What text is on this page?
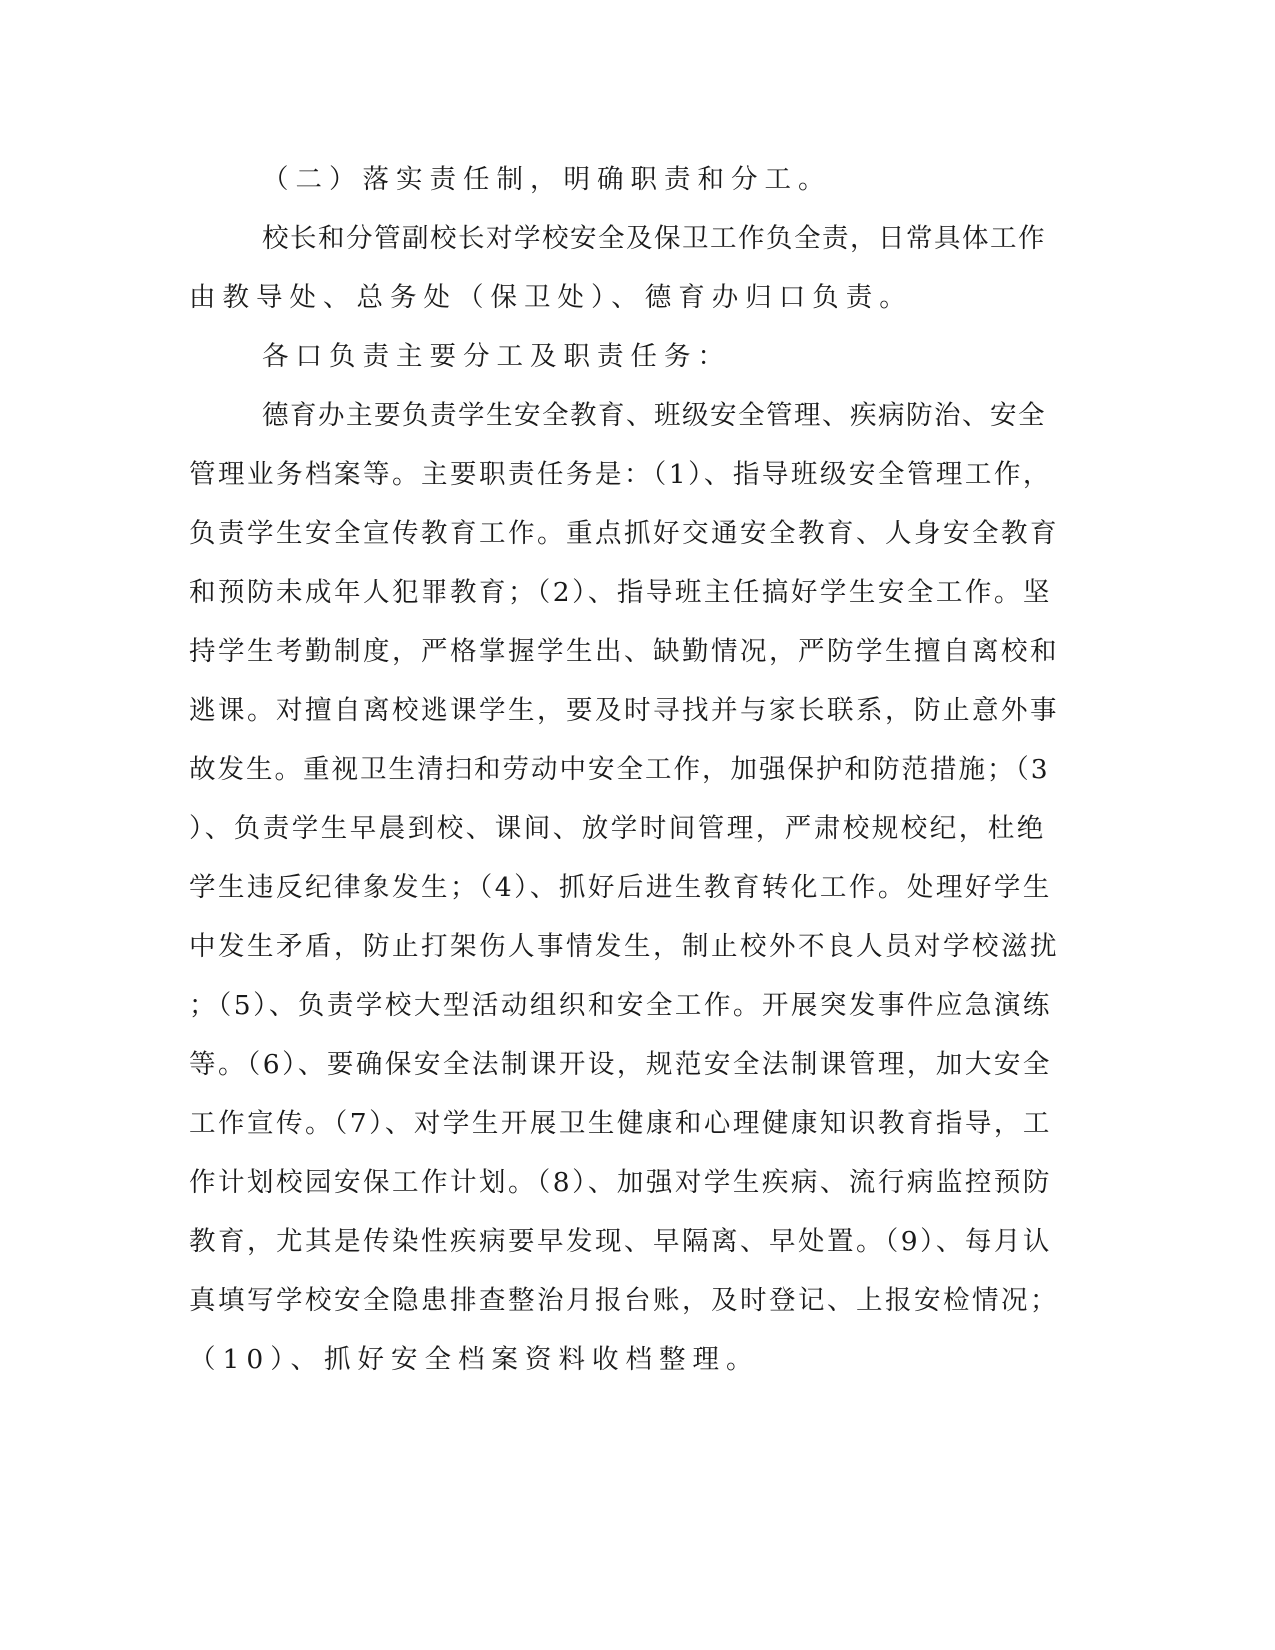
（二）落实责任制，明确职责和分工。
校长和分管副校长对学校安全及保卫工作负全责，日常具体工作
由教导处、总务处（保卫处）、德育办归口负责。
各口负责主要分工及职责任务：
德育办主要负责学生安全教育、班级安全管理、疾病防治、安全
管理业务档案等。主要职责任务是：（1）、指导班级安全管理工作，
负责学生安全宣传教育工作。重点抓好交通安全教育、人身安全教育
和预防未成年人犯罪教育；（2）、指导班主任搞好学生安全工作。坚
持学生考勤制度，严格掌握学生出、缺勤情况，严防学生擅自离校和
逃课。对擅自离校逃课学生，要及时寻找并与家长联系，防止意外事
故发生。重视卫生清扫和劳动中安全工作，加强保护和防范措施；（3
）、负责学生早晨到校、课间、放学时间管理，严肃校规校纪，杜绝
学生违反纪律象发生；（4）、抓好后进生教育转化工作。处理好学生
中发生矛盾，防止打架伤人事情发生，制止校外不良人员对学校滋扰
；（5）、负责学校大型活动组织和安全工作。开展突发事件应急演练
等。（6）、要确保安全法制课开设，规范安全法制课管理，加大安全
工作宣传。（7）、对学生开展卫生健康和心理健康知识教育指导，工
作计划校园安保工作计划。（8）、加强对学生疾病、流行病监控预防
教育，尤其是传染性疾病要早发现、早隔离、早处置。（9）、每月认
真填写学校安全隐患排查整治月报台账，及时登记、上报安检情况；
（10）、抓好安全档案资料收档整理。
